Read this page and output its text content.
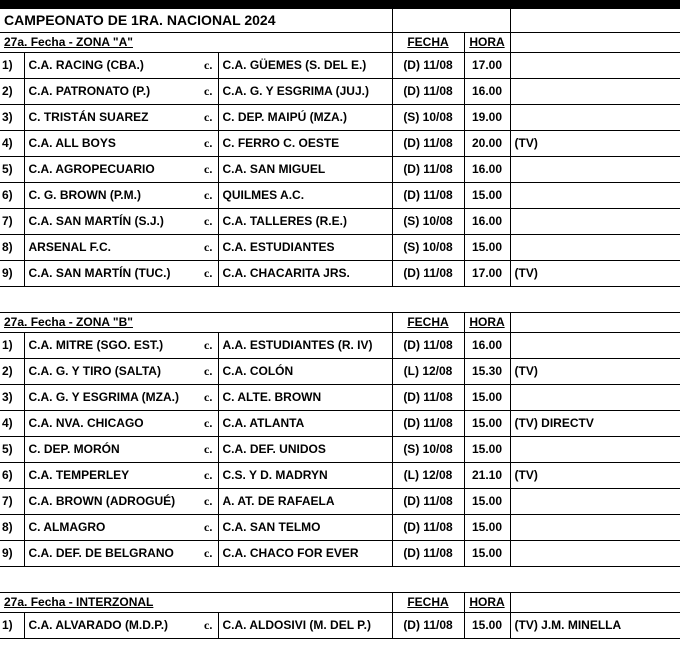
CAMPEONATO DE 1RA. NACIONAL 2024						
27a. Fecha - ZONA "A"				FECHA	HORA	
1)	C.A. RACING (CBA.)	c.	C.A. GÜEMES (S. DEL E.)	(D) 11/08	17.00	
2)	C.A. PATRONATO (P.)	c.	C.A. G. Y ESGRIMA (JUJ.)	(D) 11/08	16.00	
3)	C. TRISTÁN SUAREZ	c.	C. DEP. MAIPÚ (MZA.)	(S) 10/08	19.00	
4)	C.A. ALL BOYS	c.	C. FERRO C. OESTE	(D) 11/08	20.00	(TV)
5)	C.A. AGROPECUARIO	c.	C.A. SAN MIGUEL	(D) 11/08	16.00	
6)	C. G. BROWN (P.M.)	c.	QUILMES A.C.	(D) 11/08	15.00	
7)	C.A. SAN MARTÍN (S.J.)	c.	C.A. TALLERES (R.E.)	(S) 10/08	16.00	
8)	ARSENAL F.C.	c.	C.A. ESTUDIANTES	(S) 10/08	15.00	
9)	C.A. SAN MARTÍN (TUC.)	c.	C.A. CHACARITA JRS.	(D) 11/08	17.00	(TV)

27a. Fecha - ZONA "B"				FECHA	HORA	
1)	C.A. MITRE (SGO. EST.)	c.	A.A. ESTUDIANTES (R. IV)	(D) 11/08	16.00	
2)	C.A. G. Y TIRO (SALTA)	c.	C.A. COLÓN	(L) 12/08	15.30	(TV)
3)	C.A. G. Y ESGRIMA (MZA.)	c.	C. ALTE. BROWN	(D) 11/08	15.00	
4)	C.A. NVA. CHICAGO	c.	C.A. ATLANTA	(D) 11/08	15.00	(TV) DIRECTV
5)	C. DEP. MORÓN	c.	C.A. DEF. UNIDOS	(S) 10/08	15.00	
6)	C.A. TEMPERLEY	c.	C.S. Y D. MADRYN	(L) 12/08	21.10	(TV)
7)	C.A. BROWN (ADROGUÉ)	c.	A. AT. DE RAFAELA	(D) 11/08	15.00	
8)	C. ALMAGRO	c.	C.A. SAN TELMO	(D) 11/08	15.00	
9)	C.A. DEF. DE BELGRANO	c.	C.A. CHACO FOR EVER	(D) 11/08	15.00	

27a. Fecha - INTERZONAL				FECHA	HORA	
1)	C.A. ALVARADO (M.D.P.)	c.	C.A. ALDOSIVI (M. DEL P.)	(D) 11/08	15.00	(TV) J.M. MINELLA
